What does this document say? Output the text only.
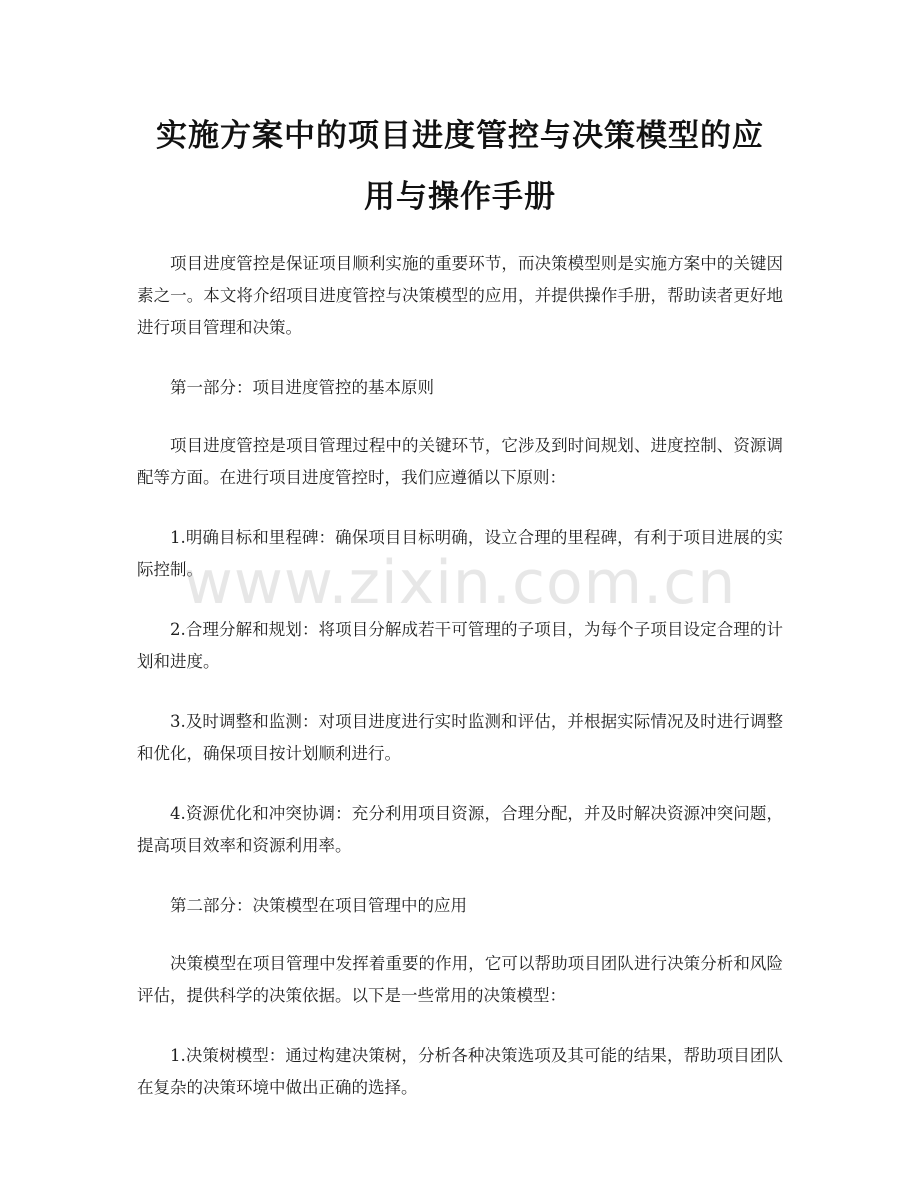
实施方案中的项目进度管控与决策模型的应
用与操作手册

项目进度管控是保证项目顺利实施的重要环节，而决策模型则是实施方案中的关键因素之一。本文将介绍项目进度管控与决策模型的应用，并提供操作手册，帮助读者更好地进行项目管理和决策。

第一部分：项目进度管控的基本原则

项目进度管控是项目管理过程中的关键环节，它涉及到时间规划、进度控制、资源调配等方面。在进行项目进度管控时，我们应遵循以下原则：

1.明确目标和里程碑：确保项目目标明确，设立合理的里程碑，有利于项目进展的实际控制。

2.合理分解和规划：将项目分解成若干可管理的子项目，为每个子项目设定合理的计划和进度。

3.及时调整和监测：对项目进度进行实时监测和评估，并根据实际情况及时进行调整和优化，确保项目按计划顺利进行。

4.资源优化和冲突协调：充分利用项目资源，合理分配，并及时解决资源冲突问题，提高项目效率和资源利用率。

第二部分：决策模型在项目管理中的应用

决策模型在项目管理中发挥着重要的作用，它可以帮助项目团队进行决策分析和风险评估，提供科学的决策依据。以下是一些常用的决策模型：

1.决策树模型：通过构建决策树，分析各种决策选项及其可能的结果，帮助项目团队在复杂的决策环境中做出正确的选择。

www.zixin.com.cn
